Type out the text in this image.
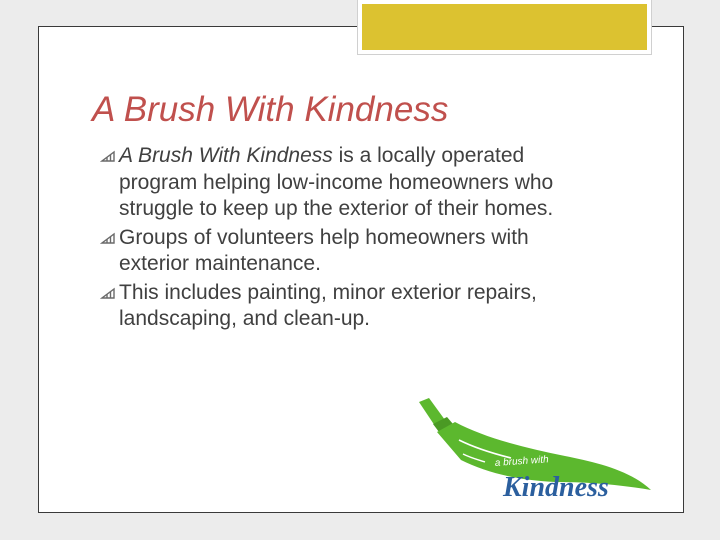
A Brush With Kindness
A Brush With Kindness is a locally operated program helping low-income homeowners who struggle to keep up the exterior of their homes.
Groups of volunteers help homeowners with exterior maintenance.
This includes painting, minor exterior repairs, landscaping, and clean-up.
a brush with
Kindness
